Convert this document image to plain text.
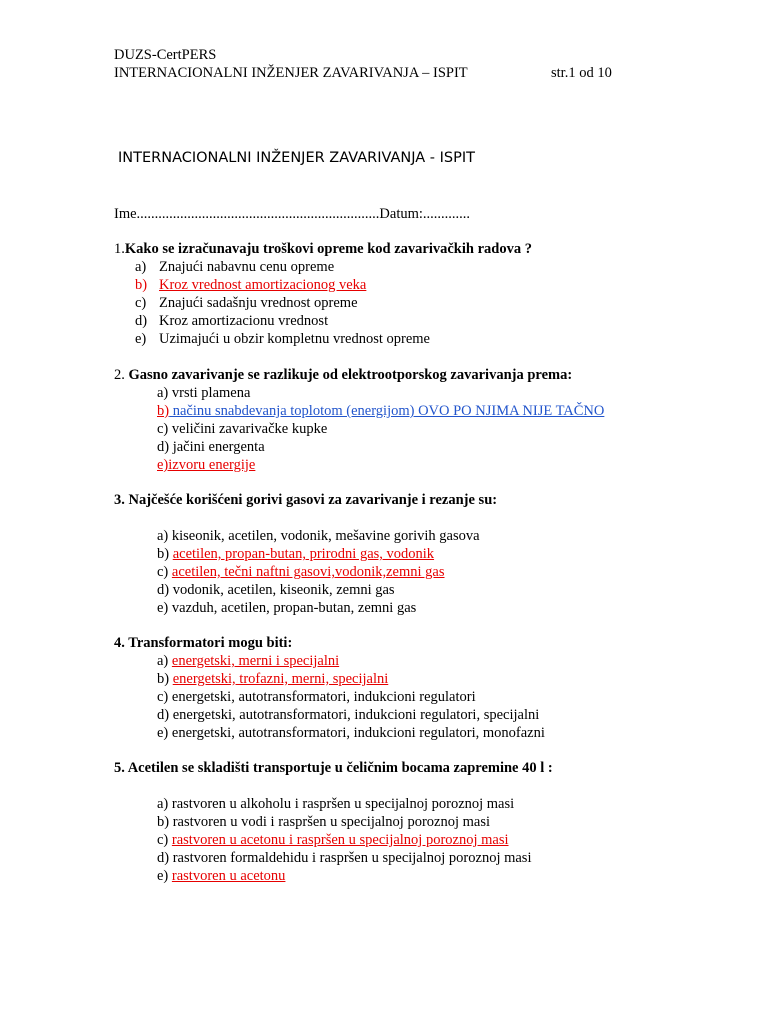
DUZS-CertPERS
INTERNACIONALNI INŽENJER ZAVARIVANJA – ISPIT	str.1 od 10
INTERNACIONALNI INŽENJER ZAVARIVANJA - ISPIT
Ime...................................................................Datum:.............
1.Kako se izračunavaju troškovi opreme kod zavarivačkih radova ?
a) Znajući nabavnu cenu opreme
b) Kroz vrednost amortizacionog veka
c) Znajući sadašnju vrednost opreme
d) Kroz amortizacionu vrednost
e) Uzimajući u obzir kompletnu vrednost opreme
2. Gasno zavarivanje se razlikuje od elektrootporskog zavarivanja prema:
a) vrsti plamena
b) načinu snabdevanja toplotom (energijom) OVO PO NJIMA NIJE TAČNO
c) veličini zavarivačke kupke
d) jačini energenta
e)izvoru energije
3. Najčešće korišćeni gorivi gasovi za zavarivanje i rezanje su:
a) kiseonik, acetilen, vodonik, mešavine gorivih gasova
b) acetilen, propan-butan, prirodni gas, vodonik
c) acetilen, tečni naftni gasovi,vodonik,zemni gas
d) vodonik, acetilen, kiseonik, zemni gas
e) vazduh, acetilen, propan-butan, zemni gas
4. Transformatori mogu biti:
a) energetski, merni i specijalni
b) energetski, trofazni, merni, specijalni
c) energetski, autotransformatori, indukcioni regulatori
d) energetski, autotransformatori, indukcioni regulatori, specijalni
e) energetski, autotransformatori, indukcioni regulatori, monofazni
5. Acetilen se skladišti transportuje u čeličnim bocama zapremine 40 l :
a) rastvoren u alkoholu i raspršen u specijalnoj poroznoj masi
b) rastvoren u vodi i raspršen u specijalnoj poroznoj masi
c) rastvoren u acetonu i raspršen u specijalnoj poroznoj masi
d) rastvoren formaldehidu i raspršen u specijalnoj poroznoj masi
e) rastvoren u acetonu
